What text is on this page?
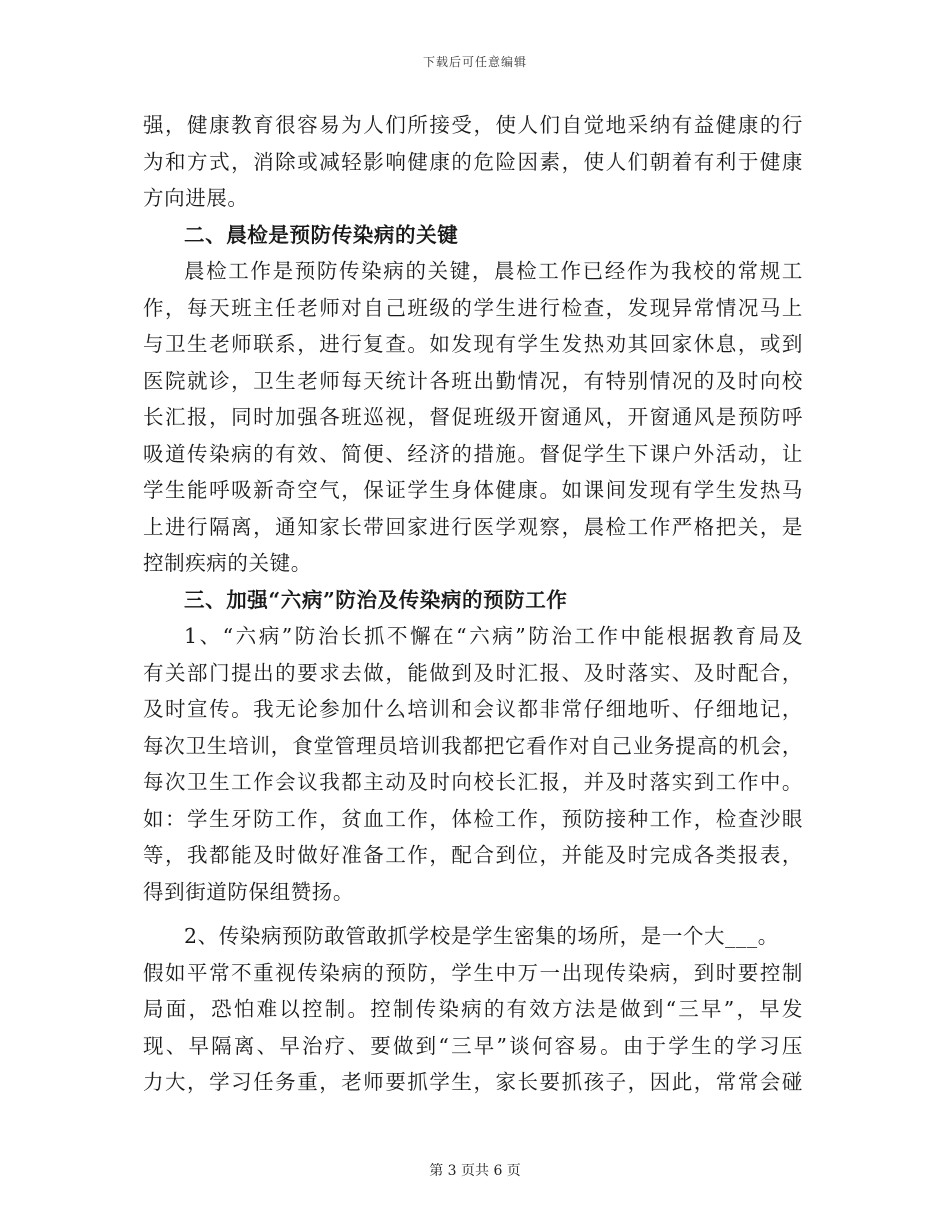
下载后可任意编辑
强，健康教育很容易为人们所接受，使人们自觉地采纳有益健康的行
为和方式，消除或减轻影响健康的危险因素，使人们朝着有利于健康
方向进展。
二、晨检是预防传染病的关键
晨检工作是预防传染病的关键，晨检工作已经作为我校的常规工
作，每天班主任老师对自己班级的学生进行检查，发现异常情况马上
与卫生老师联系，进行复查。如发现有学生发热劝其回家休息，或到
医院就诊，卫生老师每天统计各班出勤情况，有特别情况的及时向校
长汇报，同时加强各班巡视，督促班级开窗通风，开窗通风是预防呼
吸道传染病的有效、简便、经济的措施。督促学生下课户外活动，让
学生能呼吸新奇空气，保证学生身体健康。如课间发现有学生发热马
上进行隔离，通知家长带回家进行医学观察，晨检工作严格把关，是
控制疾病的关键。
三、加强“六病”防治及传染病的预防工作
1、“六病”防治长抓不懈在“六病”防治工作中能根据教育局及
有关部门提出的要求去做，能做到及时汇报、及时落实、及时配合，
及时宣传。我无论参加什么培训和会议都非常仔细地听、仔细地记，
每次卫生培训，食堂管理员培训我都把它看作对自己业务提高的机会，
每次卫生工作会议我都主动及时向校长汇报，并及时落实到工作中。
如：学生牙防工作，贫血工作，体检工作，预防接种工作，检查沙眼
等，我都能及时做好准备工作，配合到位，并能及时完成各类报表，
得到街道防保组赞扬。
2、传染病预防敢管敢抓学校是学生密集的场所，是一个大___。
假如平常不重视传染病的预防，学生中万一出现传染病，到时要控制
局面，恐怕难以控制。控制传染病的有效方法是做到“三早”，早发
现、早隔离、早治疗、要做到“三早”谈何容易。由于学生的学习压
力大，学习任务重，老师要抓学生，家长要抓孩子，因此，常常会碰
第 3 页共 6 页
